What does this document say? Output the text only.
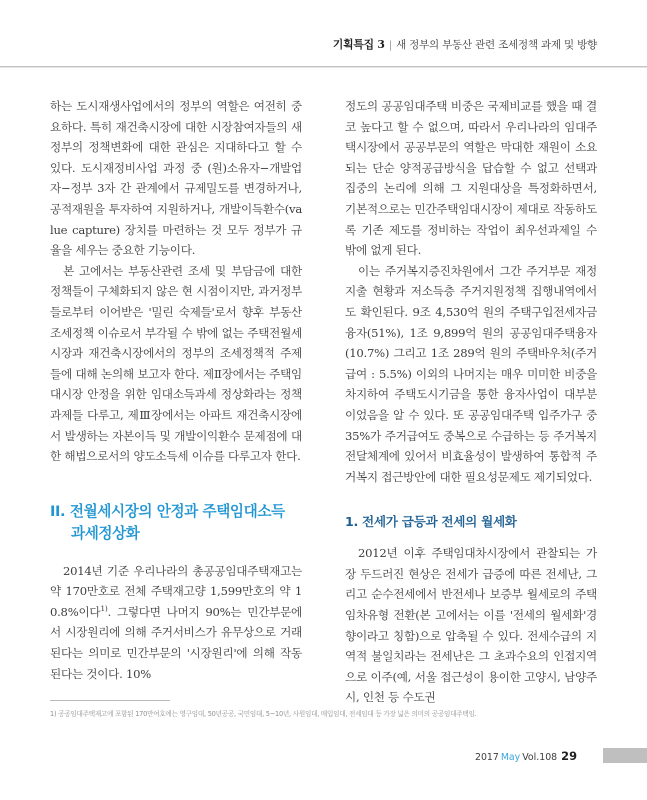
기획특집 3 | 새 정부의 부동산 관련 조세정책 과제 및 방향

하는 도시재생사업에서의 정부의 역할은 여전히 중요하다. 특히 재건축시장에 대한 시장참여자들의 새정부의 정책변화에 대한 관심은 지대하다고 할 수 있다. 도시재정비사업 과정 중 (원)소유자−개발업자−정부 3자 간 관계에서 규제밀도를 변경하거나, 공적재원을 투자하여 지원하거나, 개발이득환수(value capture) 장치를 마련하는 것 모두 정부가 규율을 세우는 중요한 기능이다.

본 고에서는 부동산관련 조세 및 부담금에 대한 정책들이 구체화되지 않은 현 시점이지만, 과거정부들로부터 이어받은 '밀린 숙제들'로서 향후 부동산조세정책 이슈로서 부각될 수 밖에 없는 주택전월세시장과 재건축시장에서의 정부의 조세정책적 주제들에 대해 논의해 보고자 한다. 제Ⅱ장에서는 주택임대시장 안정을 위한 임대소득과세 정상화라는 정책과제들 다루고, 제Ⅲ장에서는 아파트 재건축시장에서 발생하는 자본이득 및 개발이익환수 문제점에 대한 해법으로서의 양도소득세 이슈를 다루고자 한다.

II. 전월세시장의 안정과 주택임대소득
과세정상화

2014년 기준 우리나라의 총공공임대주택재고는 약 170만호로 전체 주택재고량 1,599만호의 약 10.8%이다$^{1)}$. 그렇다면 나머지 90%는 민간부문에서 시장원리에 의해 주거서비스가 유무상으로 거래된다는 의미로 민간부문의 '시장원리'에 의해 작동된다는 것이다. 10%

정도의 공공임대주택 비중은 국제비교를 했을 때 결코 높다고 할 수 없으며, 따라서 우리나라의 임대주택시장에서 공공부문의 역할은 막대한 재원이 소요되는 단순 양적공급방식을 답습할 수 없고 선택과 집중의 논리에 의해 그 지원대상을 특정화하면서, 기본적으로는 민간주택임대시장이 제대로 작동하도록 기존 제도를 정비하는 작업이 최우선과제일 수 밖에 없게 된다.

이는 주거복지증진차원에서 그간 주거부문 재정지출 현황과 저소득층 주거지원정책 집행내역에서도 확인된다. 9조 4,530억 원의 주택구입전세자금융자(51%), 1조 9,899억 원의 공공임대주택융자(10.7%) 그리고 1조 289억 원의 주택바우처(주거급여 : 5.5%) 이외의 나머지는 매우 미미한 비중을 차지하여 주택도시기금을 통한 융자사업이 대부분이었음을 알 수 있다. 또 공공임대주택 입주가구 중 35%가 주거급여도 중복으로 수급하는 등 주거복지 전달체계에 있어서 비효율성이 발생하여 통합적 주거복지 접근방안에 대한 필요성문제도 제기되었다.

1. 전세가 급등과 전세의 월세화

2012년 이후 주택임대차시장에서 관찰되는 가장 두드러진 현상은 전세가 급증에 따른 전세난, 그리고 순수전세에서 반전세나 보증부 월세로의 주택임차유형 전환(본 고에서는 이를 '전세의 월세화'경향이라고 칭함)으로 압축될 수 있다. 전세수급의 지역적 불일치라는 전세난은 그 초과수요의 인접지역으로 이주(예, 서울 접근성이 용이한 고양시, 남양주시, 인천 등 수도권

1) 공공임대주택재고에 포함된 170만여호에는 영구임대, 50년공공, 국민임대, 5~10년, 사원임대, 매입임대, 전세임대 등 가장 넓은 의미의 공공임대주택임.
2017 May Vol.108 29
